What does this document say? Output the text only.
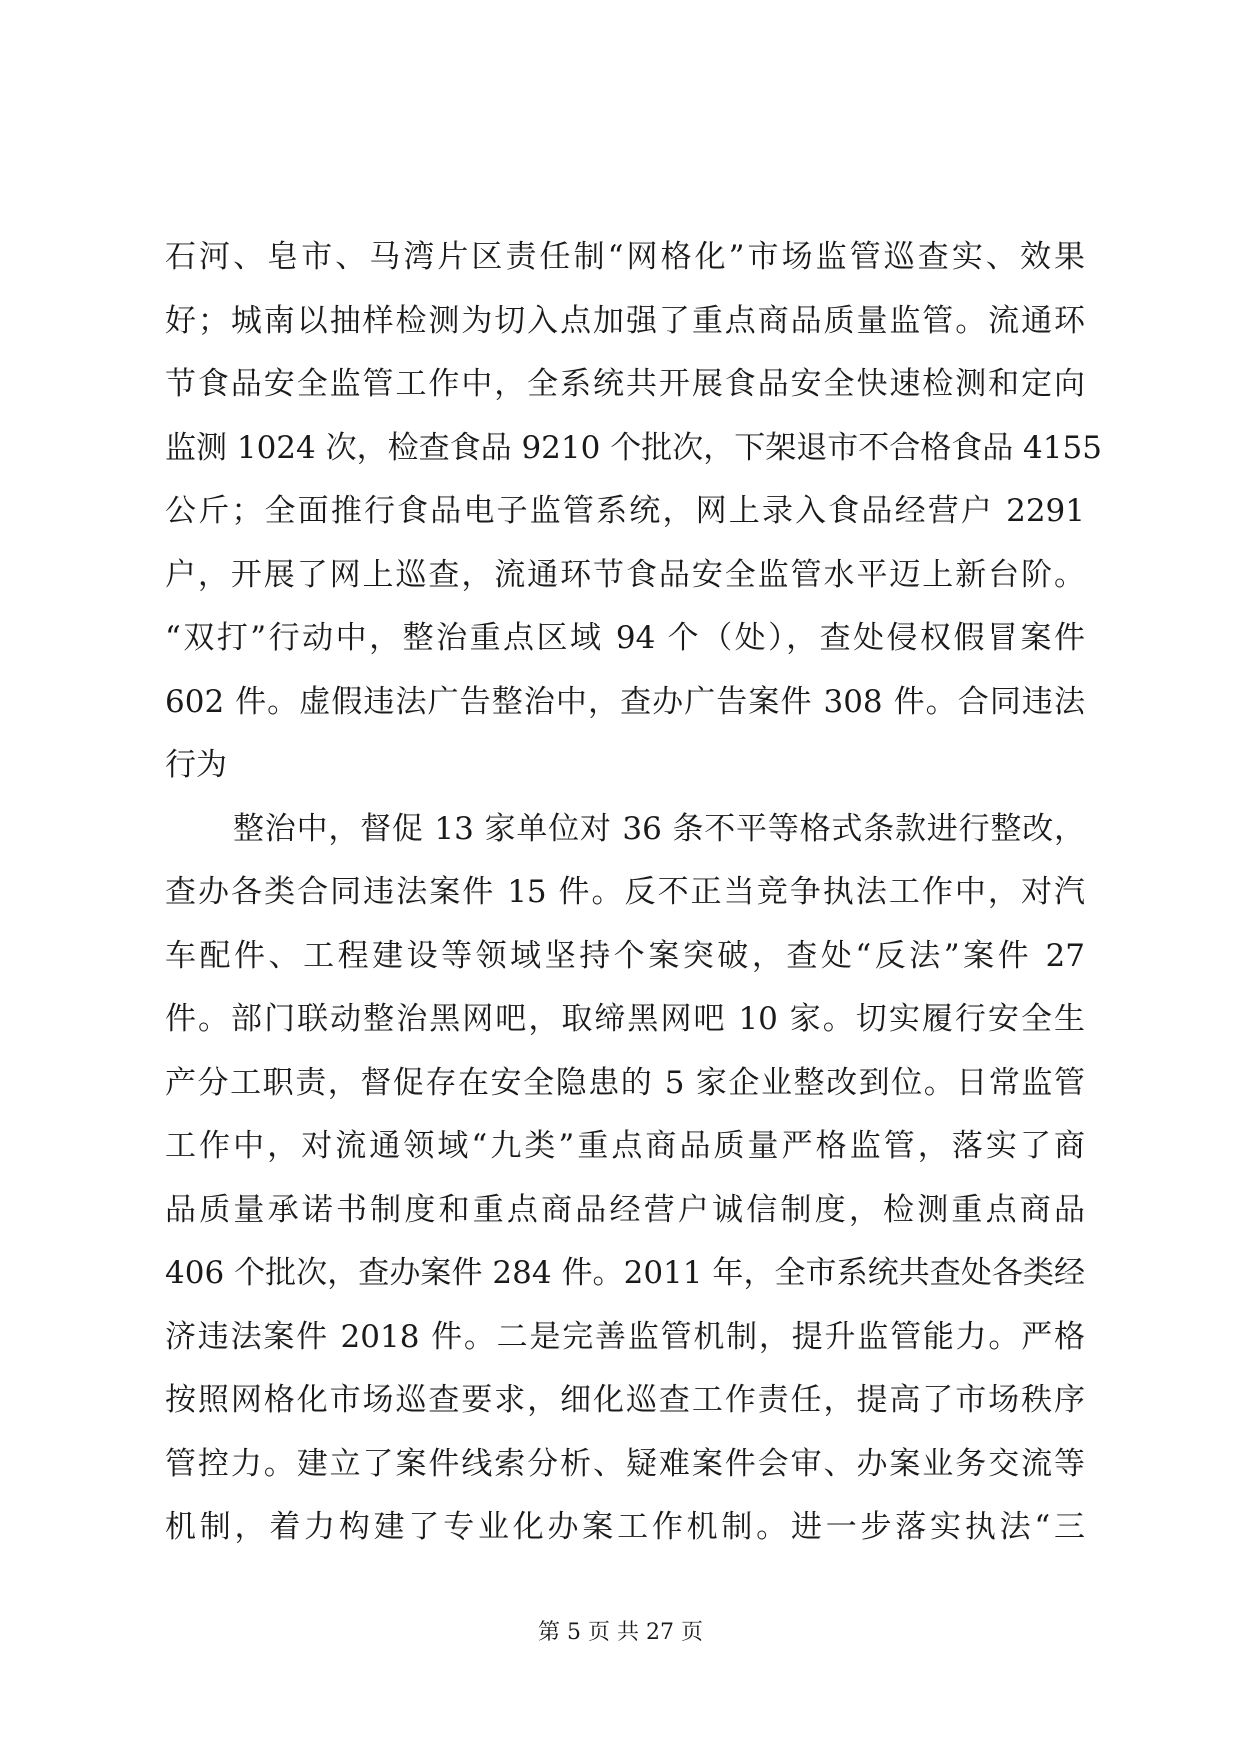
石河、皂市、马湾片区责任制“网格化”市场监管巡查实、效果
好；城南以抽样检测为切入点加强了重点商品质量监管。流通环
节食品安全监管工作中，全系统共开展食品安全快速检测和定向
监测 1024 次，检查食品 9210 个批次，下架退市不合格食品 4155
公斤；全面推行食品电子监管系统，网上录入食品经营户 2291
户，开展了网上巡查，流通环节食品安全监管水平迈上新台阶。
“双打”行动中，整治重点区域 94 个（处），查处侵权假冒案件
602 件。虚假违法广告整治中，查办广告案件 308 件。合同违法
行为
整治中，督促 13 家单位对 36 条不平等格式条款进行整改，
查办各类合同违法案件 15 件。反不正当竞争执法工作中，对汽
车配件、工程建设等领域坚持个案突破，查处“反法”案件 27
件。部门联动整治黑网吧，取缔黑网吧 10 家。切实履行安全生
产分工职责，督促存在安全隐患的 5 家企业整改到位。日常监管
工作中，对流通领域“九类”重点商品质量严格监管，落实了商
品质量承诺书制度和重点商品经营户诚信制度，检测重点商品
406 个批次，查办案件 284 件。2011 年，全市系统共查处各类经
济违法案件 2018 件。二是完善监管机制，提升监管能力。严格
按照网格化市场巡查要求，细化巡查工作责任，提高了市场秩序
管控力。建立了案件线索分析、疑难案件会审、办案业务交流等
机制，着力构建了专业化办案工作机制。进一步落实执法“三
第 5 页 共 27 页
